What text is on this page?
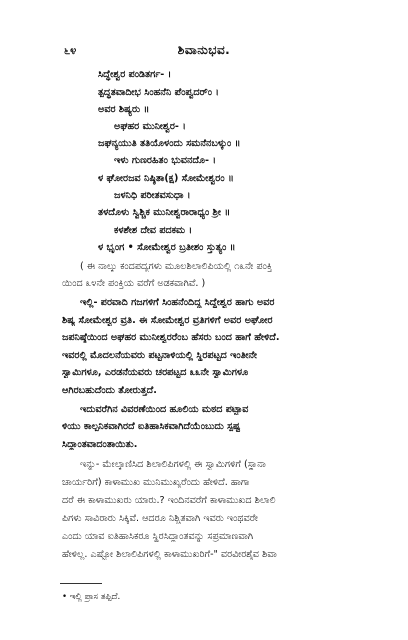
೬೪	ಶಿವಾನುಭವ.
ಸಿದ್ಧೇಶ್ವರ ಪಂಡಿತರ್ಗ- ।
ತ್ಪದ್ಧತವಾದೀಭ ಸಿಂಹನೆನಿ ಪೆಂಪ್ವದರ್ಂ ।
ಅವರ ಶಿಷ್ಯರು ॥
ಅಘಹರ ಮುನೀಶ್ವರ- ।
ಜಘನ್ಯಯುತಿ ತತಿಯೊಳಂದು ಸಮನೆನಬಳ್ಕುಂ ॥
ಇಳು ಗುಣರಹಿತಂ ಭುವನದೊ- ।
ಳ ಘೋರಜವ ನಿಷ್ಠಿತಾ(ಕ್ಷ) ಸೋಮೇಶ್ವರಂ ॥
ಜಳನಿಧಿ ಪರೀತವಸುಧಾ ।
ತಳದೊಳು ಸ್ವಿಶ್ಚಿಕ ಮುನೀಶ್ವರಾರಾಧ್ಯಂ ಶ್ರೀ ॥
ಕಳಶೇಶ ದೇವ ಪದಕಮ ।
ಳ ಭೃಂಗ • ಸೋಮೇಶ್ವರ ಬ್ರತೀಶಂ ಸ್ತುತ್ಯಂ ॥
( ಈ ನಾಲ್ಕು ಕಂದಪದ್ಯಗಳು ಮೂಲಶಿಲಾಲಿಪಿಯಲ್ಲಿ ೧೩ನೇ ಪಂಕ್ತಿ
ಯಿಂದ ೩೪ನೇ ಪಂಕ್ತಿಯ ವರೆಗೆ ಅಡಕವಾಗಿವೆ. )
ಇಲ್ಲಿ- ಪರವಾದಿ ಗಜಗಳಿಗೆ ಸಿಂಹನೆಂದಿದ್ದ ಸಿದ್ಧೇಶ್ವರ ಹಾಗು ಅವರ
ಶಿಷ್ಯ ಸೋಮೇಶ್ವರ ವ್ರತಿ. ಈ ಸೋಮೇಶ್ವರ ವ್ರತಿಗಳಿಗೆ ಅವರ ಅಘೋರ
ಜಪನಿಷ್ಠೆಯಿಂದ ಅಘಹರ ಮುನೀಶ್ವರರೆಂಬ ಹೆಸರು ಬಂದ ಹಾಗೆ ಹೇಳಿದೆ.
ಇವರಲ್ಲಿ ಮೊದಲನೆಯವರು ಪಟ್ಟನಾಳಿಯಲ್ಲಿ ಸ್ಥಿರಪಟ್ಟದ ಇಂತೀನೇ
ಸ್ವಾಮಿಗಳೂ, ಎರಡನೆಯವರು ಚರಪಟ್ಟದ ೩೩ನೇ ಸ್ವಾಮಿಗಳೂ
ಆಗಿರಬಹುದೆಂದು ತೋರುತ್ತದೆ.
ಇದುವರೆಗಿನ ವಿವರಣೆಯಿಂದ ಹೂಲಿಯ ಮಠದ ಪಟ್ಟಾವ
ಳಿಯು ಕಾಲ್ಪನಿಕವಾಗಿರದೆ ಐತಿಹಾಸಿಕವಾಗಿದೆಯೆಂಬುದು ಸ್ಪಷ್ಟ
ಸಿದ್ಧಾಂತವಾದಂತಾಯಿತು.
ಇನ್ನು- ಮೇಲ್ಕಾಣಿಸಿದ ಶಿಲಾಲಿಪಿಗಳಲ್ಲಿ ಈ ಸ್ವಾಮಿಗಳಿಗೆ (ಸ್ಥಾನಾ
ಚಾರ್ಯರಿಗೆ) ಕಾಳಾಮುಖ ಮುನಿಮುಖ್ಯರೆಂದು ಹೇಳಿದೆ. ಹಾಗಾ
ದರೆ ಈ ಕಾಳಾಮುಖರು ಯಾರು.? ಇಂದಿನವರೆಗೆ ಕಾಳಾಮುಖದ ಶಿಲಾಲಿ
ಪಿಗಳು ಸಾವಿರಾರು ಸಿಕ್ಕಿವೆ. ಆದರೂ ನಿಶ್ಚಿತವಾಗಿ ಇವರು ಇಂಥವರೇ
ಎಂದು ಯಾವ ಐತಿಹಾಸಿಕರೂ ಸ್ಥಿರಸಿದ್ಧಾಂತವನ್ನು ಸಪ್ರಮಾಣವಾಗಿ
ಹೇಳಿಲ್ಲ. ಎಷ್ಟೋ ಶಿಲಾಲಿಪಿಗಳಲ್ಲಿ ಕಾಳಾಮುಖರಿಗೆ-" ವರವೀರಶೈವ ಶಿವಾ
• ಇಲ್ಲಿ ಪ್ರಾಸ ತಪ್ಪಿದೆ.
